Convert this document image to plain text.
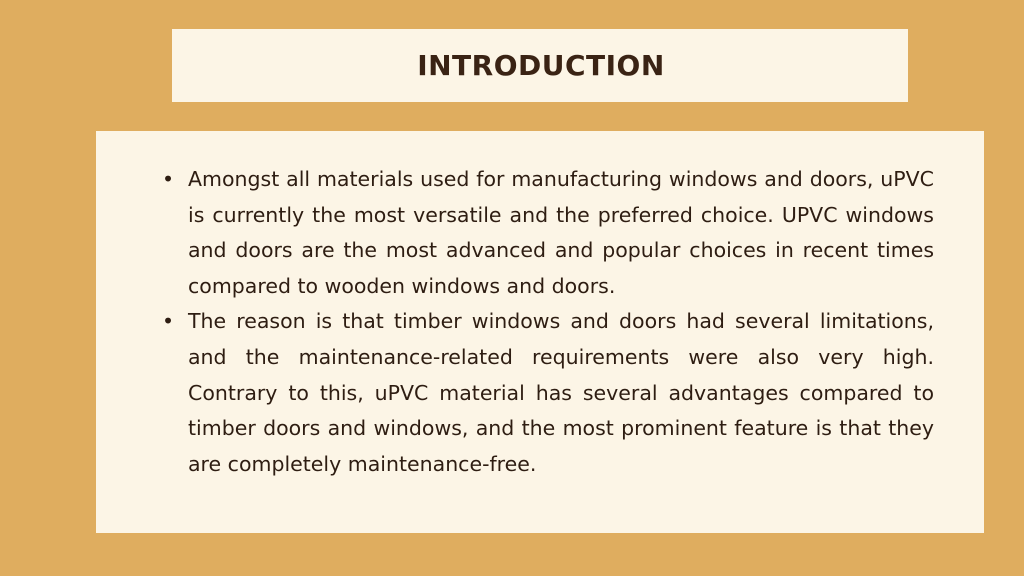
INTRODUCTION
• Amongst all materials used for manufacturing windows and doors, uPVC is currently the most versatile and the preferred choice. UPVC windows and doors are the most advanced and popular choices in recent times compared to wooden windows and doors.
• The reason is that timber windows and doors had several limitations, and the maintenance-related requirements were also very high. Contrary to this, uPVC material has several advantages compared to timber doors and windows, and the most prominent feature is that they are completely maintenance-free.
